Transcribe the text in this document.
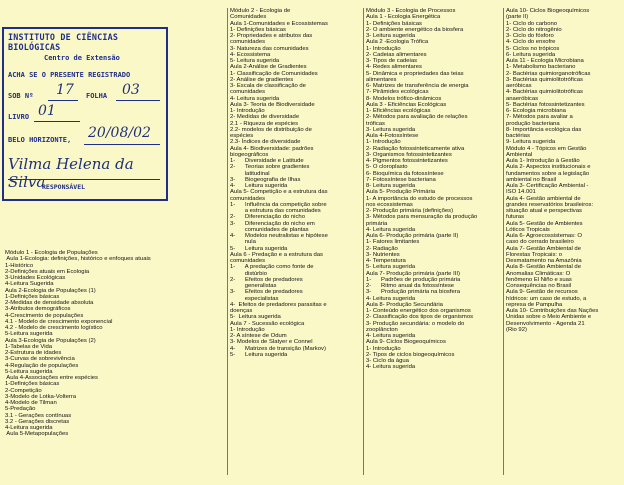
INSTITUTO DE CIÊNCIAS BIOLÓGICAS
Centro de Extensão
ACHA SE O PRESENTE REGISTRADO
SOB Nº 17 FOLHA 03
LIVRO 01
BELO HORIZONTE, 20/08/02
Vilma Helena da Silva
RESPONSÁVEL
Módulo 1 - Ecologia de Populações
Aula 1-Ecologia: definições, histórico e enfoques atuais
1-Histórico
2-Definições atuais em Ecologia
3-Unidades Ecológicas
4-Leitura Sugerida
Aula 2-Ecologia de Populações (1)
1-Definições básicas
2-Medidas de densidade absoluta
3-Atributos demográficos
4-Crescimento de populações
4.1 - Modelo de crescimento exponencial
4.2 - Modelo de crescimento logístico
5-Leitura sugerida
Aula 3-Ecologia de Populações (2)
1-Tabelas de Vida
2-Estrutura de idades
3-Curvas de sobrevivência
4-Regulação de populações
5-Leitura sugerida
Aula 4-Associações entre espécies
1-Definições básicas
2-Competição
3-Modelo de Lotka-Volterra
4-Modelo de Tilman
5-Predação
3.1 - Gerações contínuas
3.2 - Gerações discretas
4-Leitura sugerida
Aula 5-Metapopulações
Módulo 2 - Ecologia de
Comunidades
Aula 1-Comunidades e Ecossistemas
1- Definições básicas
2- Propriedades e atributos das
comunidades
3- Natureza das comunidades
4- Ecossistema
5- Leitura sugerida
Aula 2-Análise de Gradientes
1- Classificação de Comunidades
2- Análise de gradientes
3- Escala de classificação de
comunidades
4- Leitura sugerida
Aula 3- Teoria de Biodiversidade
1- Introdução
2- Medidas de diversidade
2.1 - Riqueza de espécies
2.2- modelos de distribuição de
espécies
2.3- Índices de diversidade
Aula 4- Biodiversidade: padrões
biogeográficos
1-      Diversidade e Latitude
2-      Teorias sobre gradientes
latitudinal
3-      Biogeografia de Ilhas
4-      Leitura sugerida
Aula 5- Competição e a estrutura das
comunidades
1-      Influência da competição sobre
a estrutura das comunidades
2-      Diferenciação do nicho
3-      Diferenciação do nicho em
comunidades de plantas
4-      Modelos neutralistas e hipótese
nula
5-      Leitura sugerida
Aula 6 - Predação e a estrutura das
comunidades
1-      A predação como fonte de
distúrbio
2-      Efeitos de predadores
generalistas
3-      Efeitos de predadores
especialistas
4-  Efeitos de predadores parasitas e
doenças
5-  Leitura sugerida
Aula 7 - Sucessão ecológica
1- Introdução
2- A síntese de Odum
3- Modelos de Slatyer e Connel
4-      Matrizes de transição (Markov)
5-      Leitura sugerida
Módulo 3 - Ecologia de Processos
Aula 1 - Ecologia Energética
1- Definições básicas
2- O ambiente energético da biosfera
3- Leitura sugerida
Aula 2 -Ecologia Trófica
1- Introdução
2- Cadeias alimentares
3- Tipos de cadeias
4- Redes alimentares
5- Dinâmica e propriedades das teias
alimentares
6- Matrizes de transferência de energia
7- Pirâmides ecológicas
8- Modelos trófico-dinâmicos
Aula 3 - Eficiências Ecológicas
1- Eficiências ecológicas
2- Métodos para avaliação de relações
tróficas
3- Leitura sugerida
Aula 4-Fotossíntese
1- Introdução
2- Radiação fotossinteticamente ativa
3- Organismos fotossintetizantes
4- Pigmentos fotossintetizantes
5- O cloroplasto
6- Bioquímica da fotossíntese
7- Fotossíntese bacteriana
8- Leitura sugerida
Aula 5- Produção Primária
1- A importância do estudo de processos
nos ecossistemas
2- Produção primária (definições)
3- Métodos para mensuração da produção
primária
4- Leitura sugerida
Aula 6- Produção primária (parte II)
1- Fatores limitantes
2- Radiação
3- Nutrientes
4- Temperatura
5- Leitura sugerida
Aula 7- Produção primária (parte III)
1-      Padrões de produção primária
2-      Ritmo anual da fotossíntese
3-      Produção primária na biosfera
4- Leitura sugerida
Aula 8- Produção Secundária
1- Conteúdo energético dos organismos
2- Classificação dos tipos de organismos
3- Produção secundária: o modelo do
zooplâncton
4- Leitura sugerida
Aula 9- Ciclos Biogeoquímicos
1- Introdução
2- Tipos de ciclos biogeoquímicos
3- Ciclo da água
4- Leitura sugerida
Aula 10- Ciclos Biogeoquímicos
(parte II)
1- Ciclo do carbono
2- Ciclo do nitrogênio
3- Ciclo do fósforo
4- Ciclo do enxofre
5- Ciclos no trópicos
6- Leitura sugerida
Aula 11 - Ecologia Microbiana
1- Metabolismo bacteriano
2- Bactérias quimiorganotróficas
3- Bactérias quimiolitotróficas
aeróbicas
4- Bactérias quimiolitotróficas
anaeróbicas
5- Bactérias fotossintetizantes
6- Ecologia microbiana
7- Métodos para avaliar a
produção bacteriana
8- Importância ecológica das
bactérias
9- Leitura sugerida
Módulo 4 - Tópicos em Gestão
Ambiental
Aula 1- Introdução à Gestão
Aula 2- Aspectos institucionais e
fundamentos sobre a legislação
ambiental no Brasil
Aula 3- Certificação Ambiental -
ISO 14.001
Aula 4- Gestão ambiental de
grandes reservatórios brasileiros:
situação atual e perspectivas
futuras
Aula 5- Gestão de Ambientes
Lóticos Tropicais
Aula 6- Agroecossistemas: O
caso do cerrado brasileiro
Aula 7- Gestão Ambiental de
Florestas Tropicais: o
Desmatamento na Amazônia
Aula 8- Gestão Ambiental de
Anomalias Climáticas: O
fenômeno El Niño e suas
Consequências no Brasil
Aula 9- Gestão de recursos
hídricos: um caso de estudo, a
represa de Pampulha
Aula 10- Contribuições das Nações
Unidas sobre o Meio Ambiente e
Desenvolvimento - Agenda 21
(Rio 92)
